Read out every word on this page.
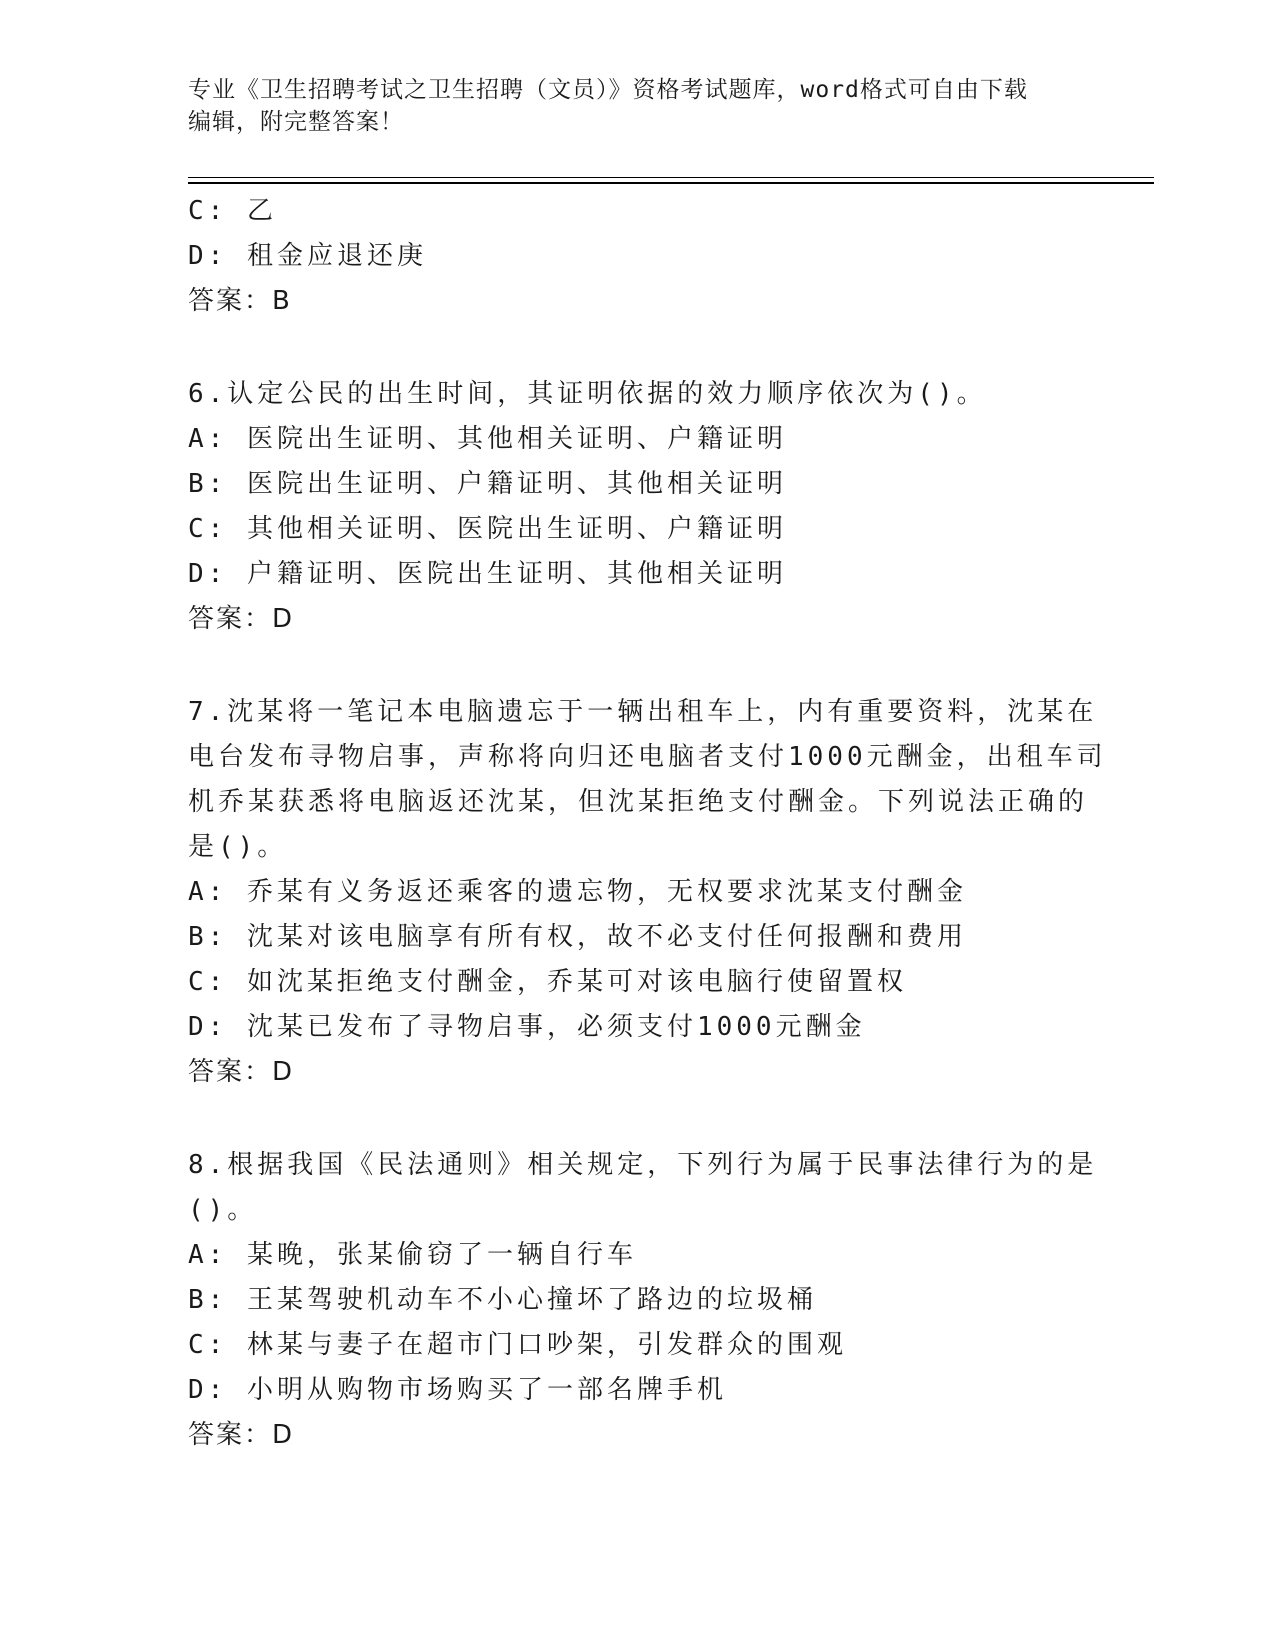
专业《卫生招聘考试之卫生招聘（文员）》资格考试题库，word格式可自由下载
编辑，附完整答案！
C: 乙
D: 租金应退还庚
答案：B
6.认定公民的出生时间，其证明依据的效力顺序依次为()。
A: 医院出生证明、其他相关证明、户籍证明
B: 医院出生证明、户籍证明、其他相关证明
C: 其他相关证明、医院出生证明、户籍证明
D: 户籍证明、医院出生证明、其他相关证明
答案：D
7.沈某将一笔记本电脑遗忘于一辆出租车上，内有重要资料，沈某在
电台发布寻物启事，声称将向归还电脑者支付1000元酬金，出租车司
机乔某获悉将电脑返还沈某，但沈某拒绝支付酬金。下列说法正确的
是()。
A: 乔某有义务返还乘客的遗忘物，无权要求沈某支付酬金
B: 沈某对该电脑享有所有权，故不必支付任何报酬和费用
C: 如沈某拒绝支付酬金，乔某可对该电脑行使留置权
D: 沈某已发布了寻物启事，必须支付1000元酬金
答案：D
8.根据我国《民法通则》相关规定，下列行为属于民事法律行为的是
()。
A: 某晚，张某偷窃了一辆自行车
B: 王某驾驶机动车不小心撞坏了路边的垃圾桶
C: 林某与妻子在超市门口吵架，引发群众的围观
D: 小明从购物市场购买了一部名牌手机
答案：D
